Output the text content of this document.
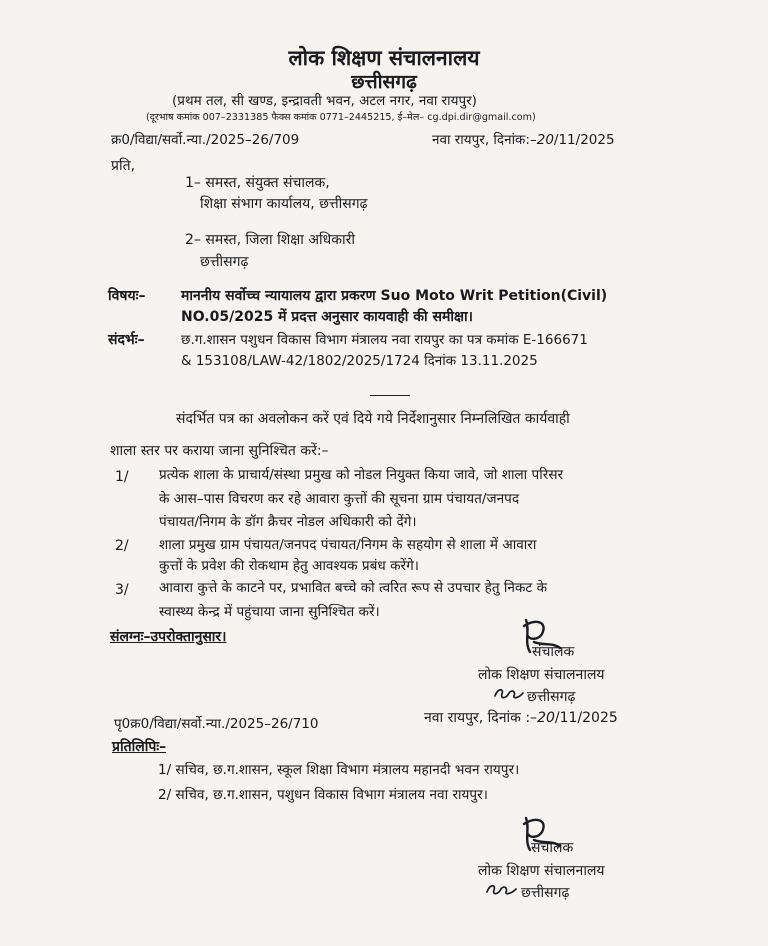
लोक शिक्षण संचालनालय
छत्तीसगढ़
(प्रथम तल, सी खण्ड, इन्द्रावती भवन, अटल नगर, नवा रायपुर)
(दूरभाष कमांक 007–2331385 फैक्स कमांक 0771–2445215, ई–मेल– cg.dpi.dir@gmail.com)
क्र0/विद्या/सर्वो.न्या./2025–26/709	नवा रायपुर, दिनांक:–20/11/2025
प्रति,
1– समस्त, संयुक्त संचालक,
शिक्षा संभाग कार्यालय, छत्तीसगढ़
2– समस्त, जिला शिक्षा अधिकारी
छत्तीसगढ़
विषयः–	माननीय सर्वोच्च न्यायालय द्वारा प्रकरण Suo Moto Writ Petition(Civil)
NO.05/2025 में प्रदत्त अनुसार कायवाही की समीक्षा।
संदर्भः–	छ.ग.शासन पशुधन विकास विभाग मंत्रालय नवा रायपुर का पत्र कमांक E-166671
& 153108/LAW-42/1802/2025/1724 दिनांक 13.11.2025
संदर्भित पत्र का अवलोकन करें एवं दिये गये निर्देशानुसार निम्नलिखित कार्यवाही
शाला स्तर पर कराया जाना सुनिश्चित करें:–
1/ प्रत्येक शाला के प्राचार्य/संस्था प्रमुख को नोडल नियुक्त किया जावे, जो शाला परिसर
के आस–पास विचरण कर रहे आवारा कुत्तों की सूचना ग्राम पंचायत/जनपद
पंचायत/निगम के डॉग क्रैचर नोडल अधिकारी को देंगे।
2/ शाला प्रमुख ग्राम पंचायत/जनपद पंचायत/निगम के सहयोग से शाला में आवारा
कुत्तों के प्रवेश की रोकथाम हेतु आवश्यक प्रबंध करेंगे।
3/ आवारा कुत्ते के काटने पर, प्रभावित बच्चे को त्वरित रूप से उपचार हेतु निकट के
स्वास्थ्य केन्द्र में पहुंचाया जाना सुनिश्चित करें।
संलग्नः–उपरोक्तानुसार।
संचालक
लोक शिक्षण संचालनालय
छत्तीसगढ़
पृ0क्र0/विद्या/सर्वो.न्या./2025–26/710	नवा रायपुर, दिनांक :–20/11/2025
प्रतिलिपिः–
1/ सचिव, छ.ग.शासन, स्कूल शिक्षा विभाग मंत्रालय महानदी भवन रायपुर।
2/ सचिव, छ.ग.शासन, पशुधन विकास विभाग मंत्रालय नवा रायपुर।
संचालक
लोक शिक्षण संचालनालय
छत्तीसगढ़
